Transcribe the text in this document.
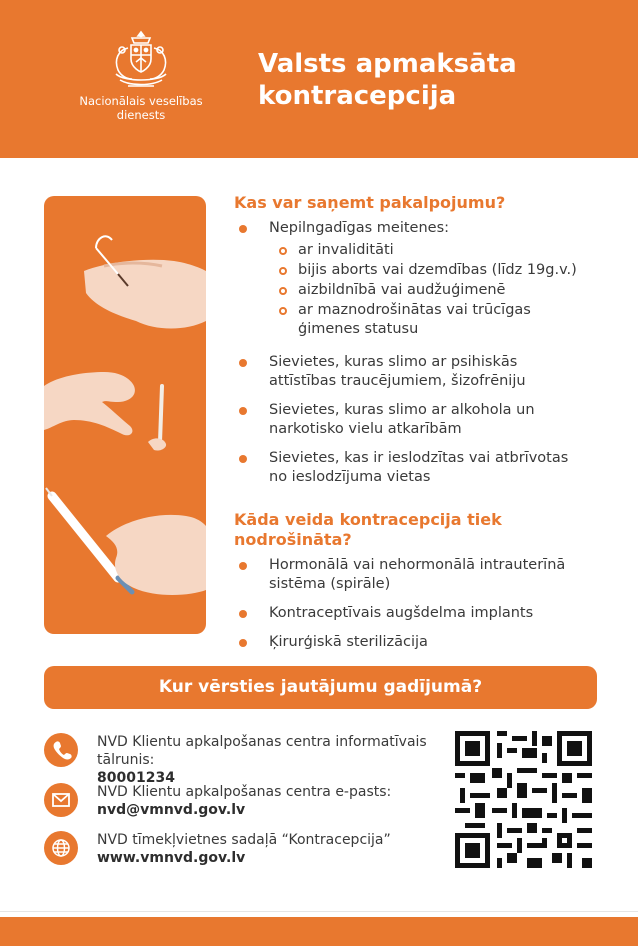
Nacionālais veselības
dienests
Valsts apmaksāta
kontracepcija
Kas var saņemt pakalpojumu?
Nepilngadīgas meitenes:
ar invaliditāti
bijis aborts vai dzemdības (līdz 19g.v.)
aizbildnībā vai audžuģimenē
ar maznodrošinātas vai trūcīgas ģimenes statusu
Sievietes, kuras slimo ar psihiskās attīstības traucējumiem, šizofrēniju
Sievietes, kuras slimo ar alkohola un narkotisko vielu atkarībām
Sievietes, kas ir ieslodzītas vai atbrīvotas no ieslodzījuma vietas
Kāda veida kontracepcija tiek
nodrošināta?
Hormonālā vai nehormonālā intrauterīnā sistēma (spirāle)
Kontraceptīvais augšdelma implants
Ķirurģiskā sterilizācija
Kur vērsties jautājumu gadījumā?
NVD Klientu apkalpošanas centra informatīvais tālrunis:
80001234
NVD Klientu apkalpošanas centra e-pasts:
nvd@vmnvd.gov.lv
NVD tīmekļvietnes sadaļā “Kontracepcija”
www.vmnvd.gov.lv
